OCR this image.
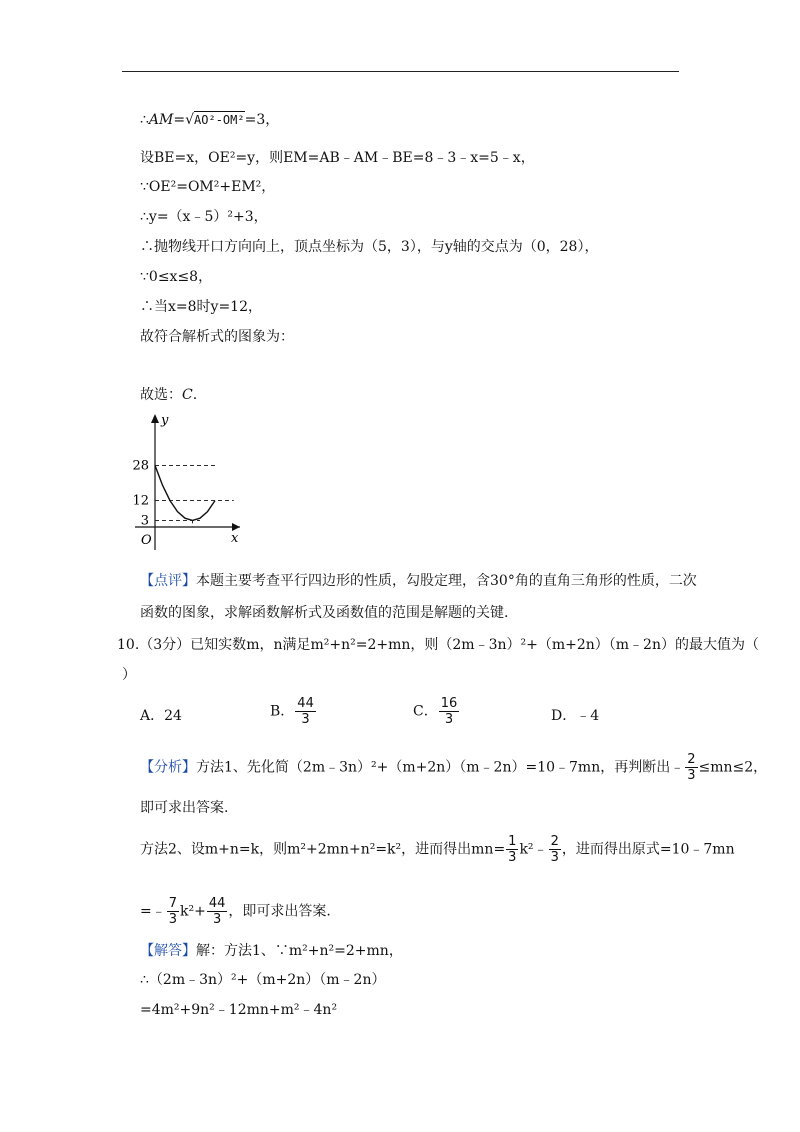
∴AM=√AO²-OM²=3，
设BE=x，OE²=y，则EM=AB﹣AM﹣BE=8﹣3﹣x=5﹣x，
∵OE²=OM²+EM²，
∴y=（x﹣5）²+3，
∴抛物线开口方向向上，顶点坐标为（5，3），与y轴的交点为（0，28），
∵0≤x≤8，
∴当x=8时y=12，
故符合解析式的图象为：
故选：C.
y
x
O
28
12
3
【点评】本题主要考查平行四边形的性质，勾股定理，含30°角的直角三角形的性质，二次
函数的图象，求解函数解析式及函数值的范围是解题的关键.
10.（3分）已知实数m，n满足m²+n²=2+mn，则（2m﹣3n）²+（m+2n）（m﹣2n）的最大值为（
）
A．24	B． $\frac{44}{3}$	C． $\frac{16}{3}$	D．﹣4
【分析】方法1、先化简（2m﹣3n）²+（m+2n）（m﹣2n）=10﹣7mn，再判断出﹣ $\frac{2}{3} \le mn\le 2$，
即可求出答案.
方法2、设m+n=k，则m²+2mn+n²=k²，进而得出$mn= \frac{1}{3}$ k²﹣ $\frac{2}{3}$ ，进而得出原式=10﹣7mn
=﹣ $\frac{7}{3} k^2+ \frac{44}{3}$ ，即可求出答案.
【解答】解：方法1、∵m²+n²=2+mn，
∴（2m﹣3n）²+（m+2n）（m﹣2n）
=4m²+9n²﹣12mn+m²﹣4n²
